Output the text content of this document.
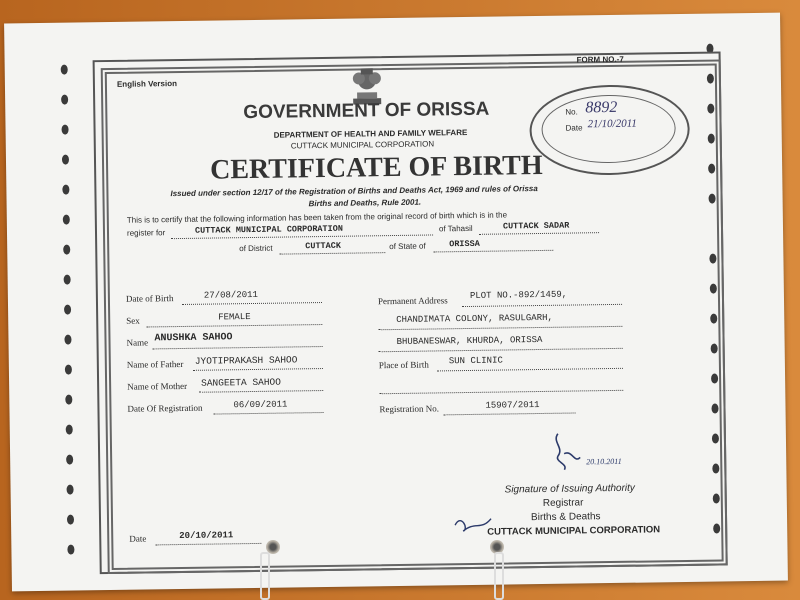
English Version
FORM NO.-7
GOVERNMENT OF ORISSA
DEPARTMENT OF HEALTH AND FAMILY WELFARE
CUTTACK MUNICIPAL CORPORATION
CERTIFICATE OF BIRTH
Issued under section 12/17 of the Registration of Births and Deaths Act, 1969 and rules of Orissa
Births and Deaths, Rule 2001.
This is to certify that the following information has been taken from the original record of birth which is in the
register for	CUTTACK MUNICIPAL CORPORATION	of Tahasil	CUTTACK SADAR
of District	CUTTACK	of State of	ORISSA
No. 8892
Date 21/10/2011
Date of Birth	27/08/2011
Sex	FEMALE
Name ANUSHKA SAHOO
Name of Father JYOTIPRAKASH SAHOO
Name of Mother SANGEETA SAHOO
Date Of Registration	06/09/2011
Permanent Address PLOT NO.-892/1459,
CHANDIMATA COLONY, RASULGARH,
BHUBANESWAR, KHURDA, ORISSA
Place of Birth SUN CLINIC
Registration No.	15907/2011
20.10.2011
Signature of Issuing Authority
Registrar
Births & Deaths
CUTTACK MUNICIPAL CORPORATION
Date	20/10/2011
